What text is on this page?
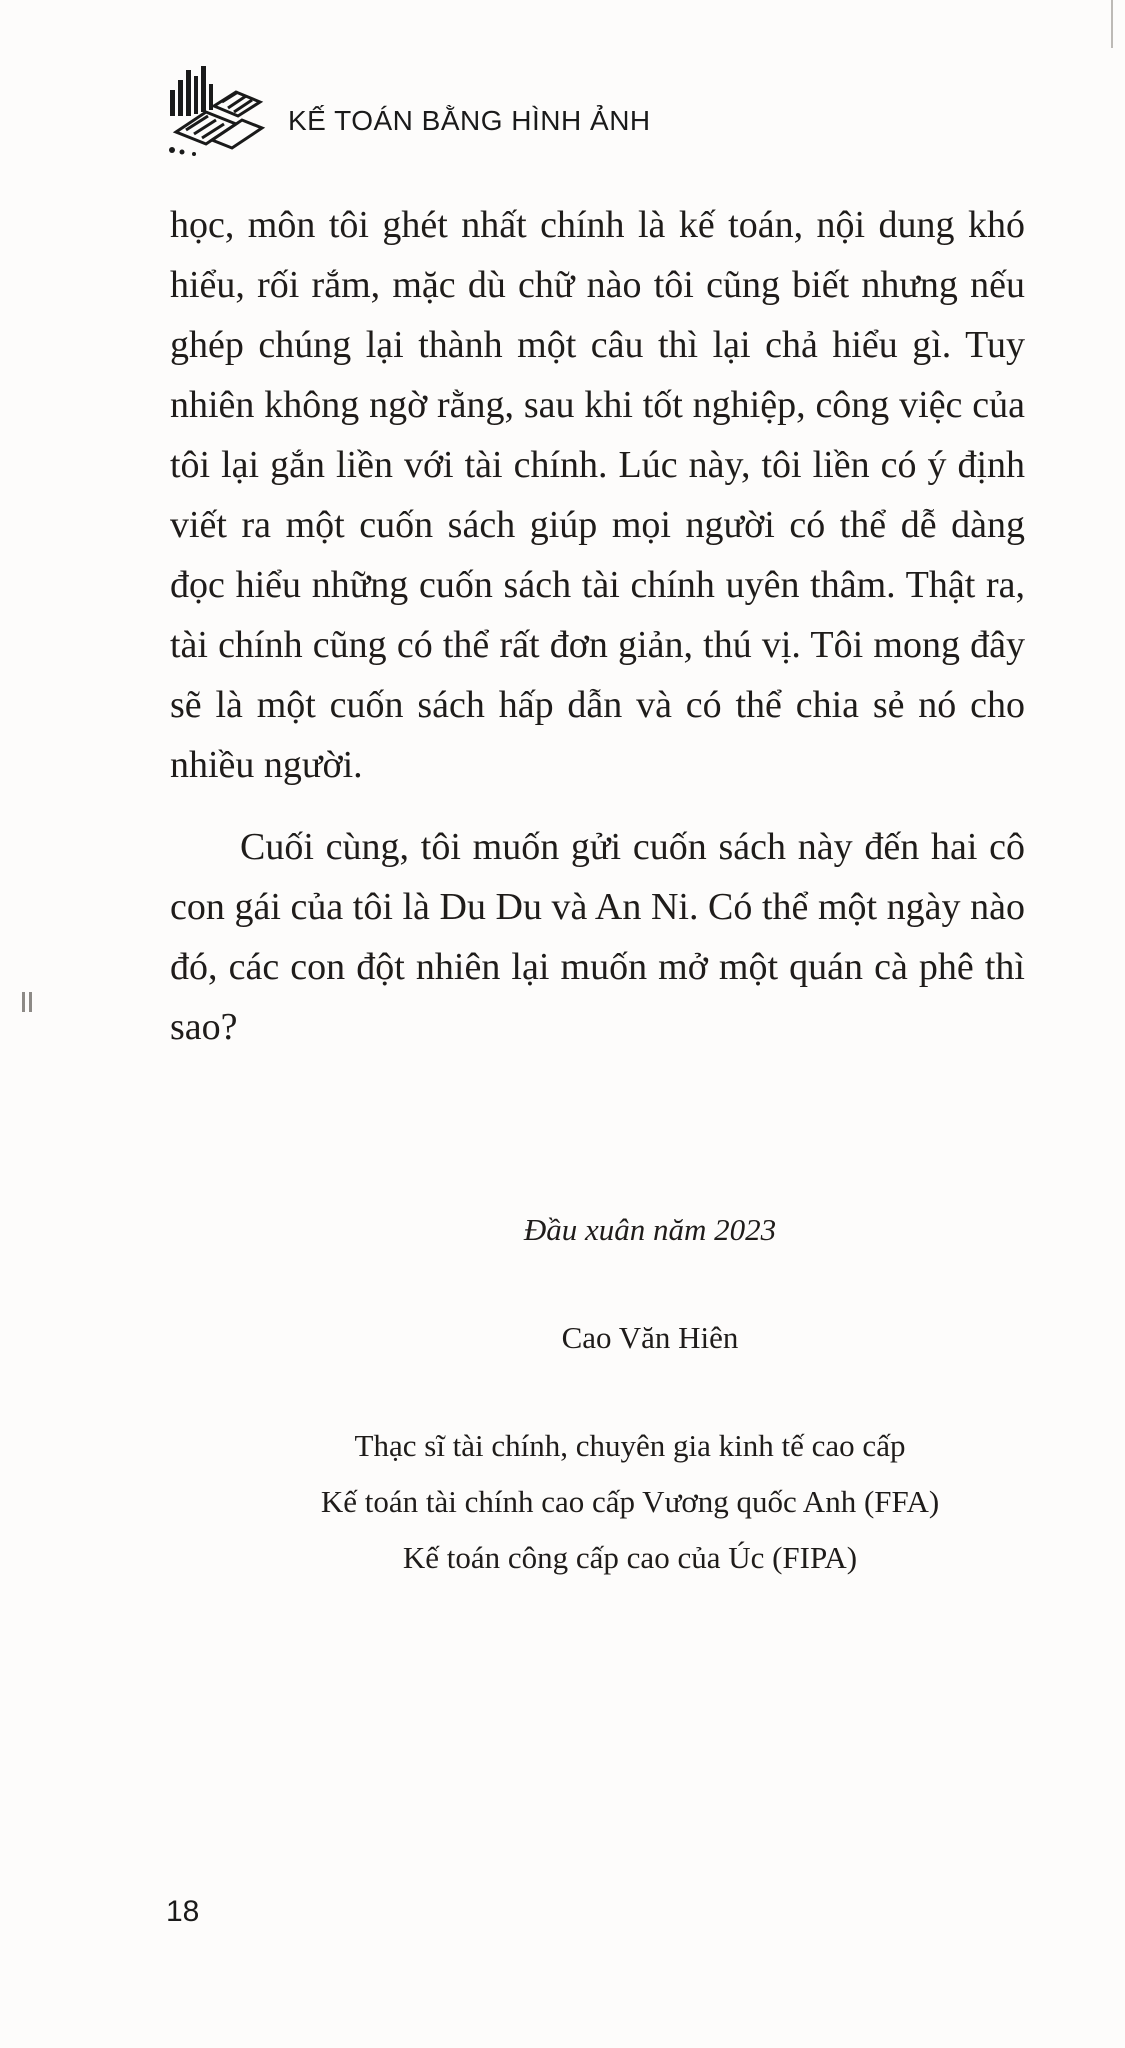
KẾ TOÁN BẰNG HÌNH ẢNH

học, môn tôi ghét nhất chính là kế toán, nội dung khó hiểu, rối rắm, mặc dù chữ nào tôi cũng biết nhưng nếu ghép chúng lại thành một câu thì lại chả hiểu gì. Tuy nhiên không ngờ rằng, sau khi tốt nghiệp, công việc của tôi lại gắn liền với tài chính. Lúc này, tôi liền có ý định viết ra một cuốn sách giúp mọi người có thể dễ dàng đọc hiểu những cuốn sách tài chính uyên thâm. Thật ra, tài chính cũng có thể rất đơn giản, thú vị. Tôi mong đây sẽ là một cuốn sách hấp dẫn và có thể chia sẻ nó cho nhiều người.

Cuối cùng, tôi muốn gửi cuốn sách này đến hai cô con gái của tôi là Du Du và An Ni. Có thể một ngày nào đó, các con đột nhiên lại muốn mở một quán cà phê thì sao?

Đầu xuân năm 2023
Cao Văn Hiên
Thạc sĩ tài chính, chuyên gia kinh tế cao cấp
Kế toán tài chính cao cấp Vương quốc Anh (FFA)
Kế toán công cấp cao của Úc (FIPA)
18
